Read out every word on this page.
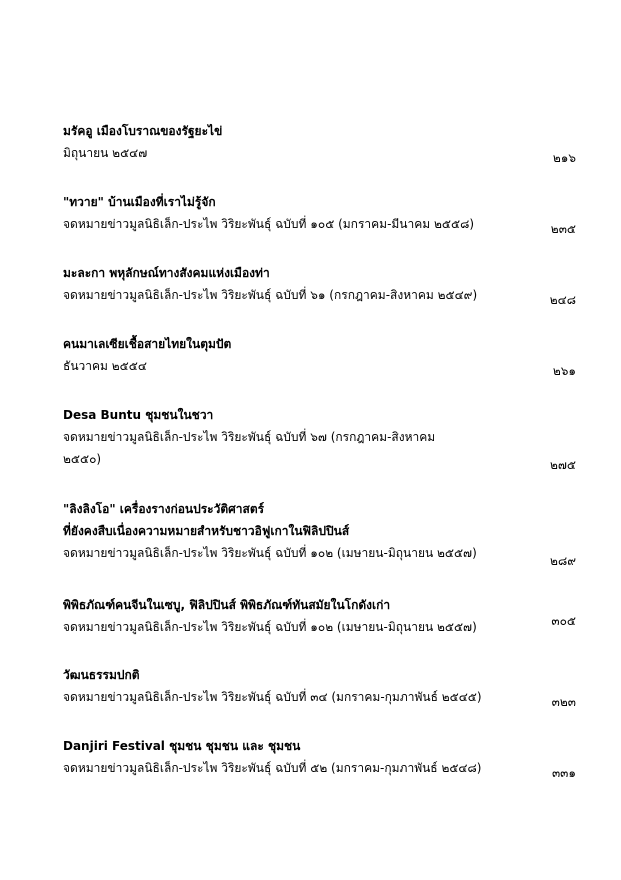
มรัคอู เมืองโบราณของรัฐยะไข่
มิถุนายน ๒๕๔๗	๒๑๖
"ทวาย" บ้านเมืองที่เราไม่รู้จัก
จดหมายข่าวมูลนิธิเล็ก-ประไพ วิริยะพันธุ์ ฉบับที่ ๑๐๕ (มกราคม-มีนาคม ๒๕๕๘)	๒๓๕
มะละกา พหุลักษณ์ทางสังคมแห่งเมืองท่า
จดหมายข่าวมูลนิธิเล็ก-ประไพ วิริยะพันธุ์ ฉบับที่ ๖๑ (กรกฎาคม-สิงหาคม ๒๕๔๙)	๒๔๘
คนมาเลเซียเชื้อสายไทยในตุมปัต
ธันวาคม ๒๕๕๔	๒๖๑
Desa Buntu ชุมชนในชวา
จดหมายข่าวมูลนิธิเล็ก-ประไพ วิริยะพันธุ์ ฉบับที่ ๖๗ (กรกฎาคม-สิงหาคม
๒๕๕๐)	๒๗๕
"ลิงลิงโอ" เครื่องรางก่อนประวัติศาสตร์
ที่ยังคงสืบเนื่องความหมายสำหรับชาวอิฟูเกาในฟิลิปปินส์
จดหมายข่าวมูลนิธิเล็ก-ประไพ วิริยะพันธุ์ ฉบับที่ ๑๐๒ (เมษายน-มิถุนายน ๒๕๕๗)
๒๘๙
พิพิธภัณฑ์คนจีนในเซบู, ฟิลิปปินส์ พิพิธภัณฑ์ทันสมัยในโกดังเก่า
จดหมายข่าวมูลนิธิเล็ก-ประไพ วิริยะพันธุ์ ฉบับที่ ๑๐๒ (เมษายน-มิถุนายน ๒๕๕๗)	๓๐๕
วัฒนธรรมปกติ
จดหมายข่าวมูลนิธิเล็ก-ประไพ วิริยะพันธุ์ ฉบับที่ ๓๔ (มกราคม-กุมภาพันธ์ ๒๕๔๕)	๓๒๓
Danjiri Festival ชุมชน ชุมชน และ ชุมชน
จดหมายข่าวมูลนิธิเล็ก-ประไพ วิริยะพันธุ์ ฉบับที่ ๕๒ (มกราคม-กุมภาพันธ์ ๒๕๔๘)	๓๓๑
